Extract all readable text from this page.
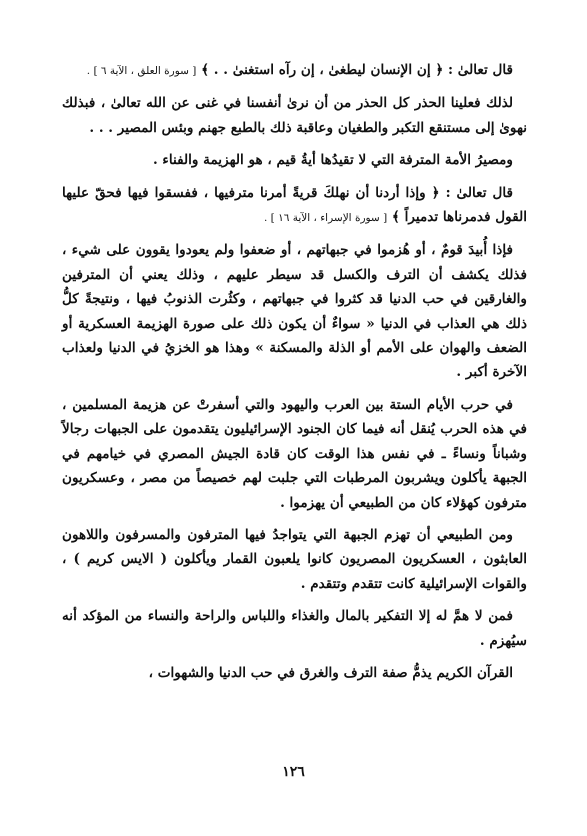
قال تعالىٰ : ﴿ إن الإنسان ليطغىٰ ، إن رآه استغنىٰ . . ﴾ [ سورة العلق ، الآية ٦ ] .

لذلك فعلينا الحذر كل الحذر من أن نرىٰ أنفسنا في غنى عن الله تعالىٰ ، فبذلك نهوىٰ إلى مستنقع التكبر والطغيان وعاقبة ذلك بالطبع جهنم وبئس المصير . . .

ومصيرُ الأمة المترفة التي لا تقيدُها أيةُ قيم ، هو الهزيمة والفناء .

قال تعالىٰ : ﴿ وإذا أردنا أن نهلكَ قريةً أمرنا مترفيها ، ففسقوا فيها فحقّ عليها القول فدمرناها تدميراً ﴾ [ سورة الإسراء ، الآية ١٦ ] .

فإذا أُبيدَ قومٌ ، أو هُزموا في جبهاتهم ، أو ضعفوا ولم يعودوا يقوون على شيء ، فذلك يكشف أن الترف والكسل قد سيطر عليهم ، وذلك يعني أن المترفين والغارقين في حب الدنيا قد كثروا في جبهاتهم ، وكثُرت الذنوبُ فيها ، ونتيجةً كلُّ ذلك هي العذاب في الدنيا « سواءٌ أن يكون ذلك على صورة الهزيمة العسكرية أو الضعف والهوان على الأمم أو الذلة والمسكنة » وهذا هو الخزيُ في الدنيا ولعذاب الآخرة أكبر .

في حرب الأيام الستة بين العرب واليهود والتي أسفرتْ عن هزيمة المسلمين ، في هذه الحرب يُنقل أنه فيما كان الجنود الإسرائيليون يتقدمون على الجبهات رجالاً وشباناً ونساءً ـ في نفس هذا الوقت كان قادة الجيش المصري في خيامهم في الجبهة يأكلون ويشربون المرطبات التي جلبت لهم خصيصاً من مصر ، وعسكريون مترفون كهؤلاء كان من الطبيعي أن يهزموا .

ومن الطبيعي أن تهزم الجبهة التي يتواجدُ فيها المترفون والمسرفون واللاهون العابثون ، العسكريون المصريون كانوا يلعبون القمار ويأكلون ( الايس كريم ) ، والقوات الإسرائيلية كانت تتقدم وتتقدم .

فمن لا همَّ له إلا التفكير بالمال والغذاء واللباس والراحة والنساء من المؤكد أنه سيُهزم .

القرآن الكريم يذمُّ صفة الترف والغرق في حب الدنيا والشهوات ،

١٢٦
